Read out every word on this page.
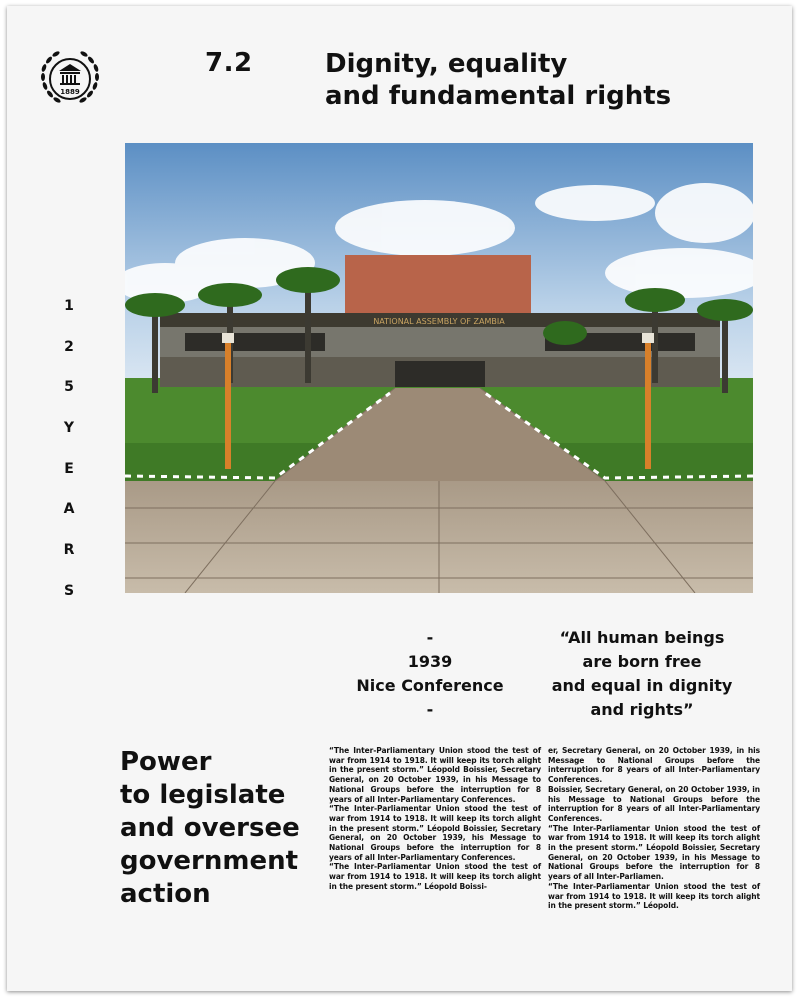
1889
7.2	Dignity, equality
and fundamental rights
NATIONAL ASSEMBLY OF ZAMBIA
1
2
5
Y
E
A
R
S
-
1939
Nice Conference
-
“All human beings
are born free
and equal in dignity
and rights”
Power
to legislate
and oversee
government
action

“The Inter-Parliamentary Union stood the test of war from 1914 to 1918. It will keep its torch alight in the present storm.” Léopold Boissier, Secretary General, on 20 October 1939, in his Message to National Groups before the interruption for 8 years of all Inter-Parliamentary Conferences.

“The Inter-Parliamentar Union stood the test of war from 1914 to 1918. It will keep its torch alight in the present storm.” Léopold Boissier, Secretary General, on 20 October 1939, his Message to National Groups before the interruption for 8 years of all Inter-Parliamentary Conferences.

“The Inter-Parliamentar Union stood the test of war from 1914 to 1918. It will keep its torch alight in the present storm.” Léopold Boissi-

er, Secretary General, on 20 October 1939, in his Message to National Groups before the interruption for 8 years of all Inter-Parliamentary Conferences.

Boissier, Secretary General, on 20 October 1939, in his Message to National Groups before the interruption for 8 years of all Inter-Parliamentary Conferences.

“The Inter-Parliamentar Union stood the test of war from 1914 to 1918. It will keep its torch alight in the present storm.” Léopold Boissier, Secretary General, on 20 October 1939, in his Message to National Groups before the interruption for 8 years of all Inter-Parliamen.

“The Inter-Parliamentar Union stood the test of war from 1914 to 1918. It will keep its torch alight in the present storm.” Léopold.
